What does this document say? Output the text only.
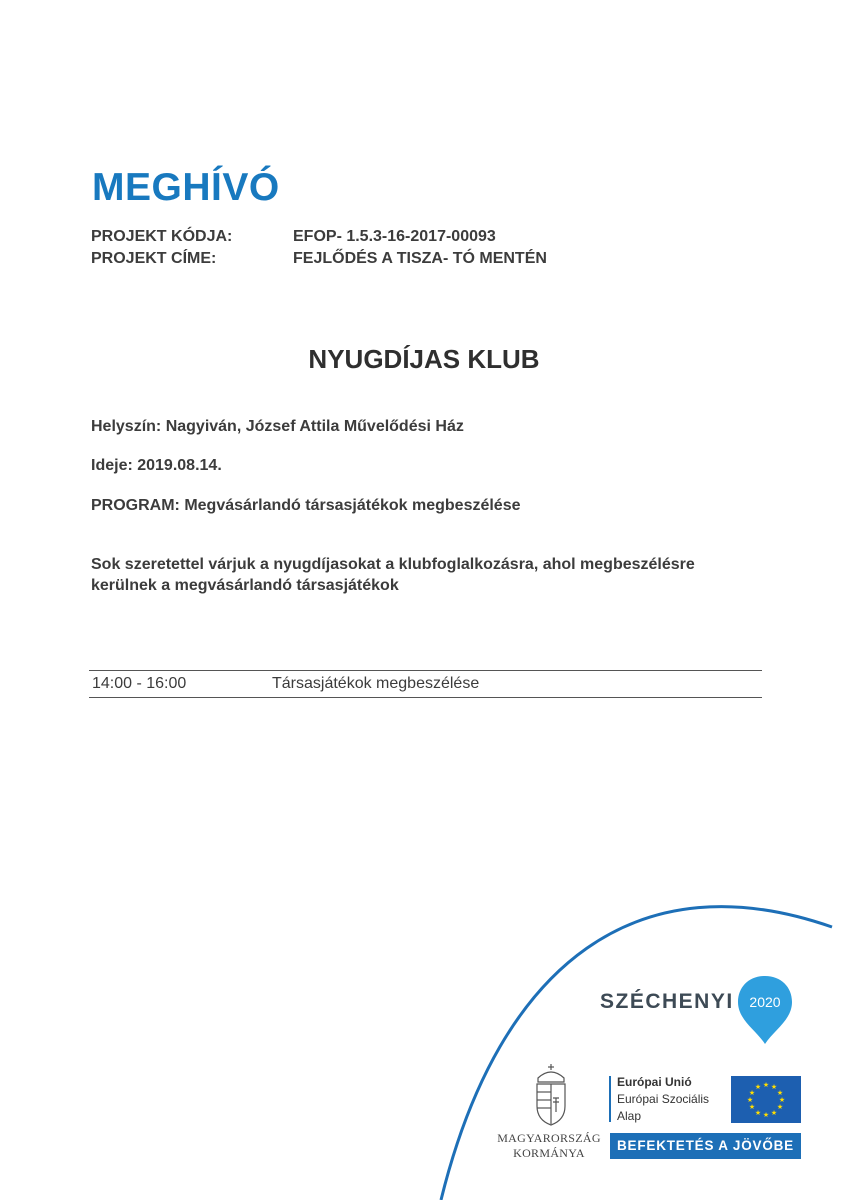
MEGHÍVÓ
PROJEKT KÓDJA:	EFOP- 1.5.3-16-2017-00093
PROJEKT CÍME:	FEJLŐDÉS A TISZA- TÓ MENTÉN
NYUGDÍJAS KLUB
Helyszín: Nagyiván, József Attila Művelődési Ház
Ideje: 2019.08.14.
PROGRAM: Megvásárlandó társasjátékok megbeszélése
Sok szeretettel várjuk a nyugdíjasokat a klubfoglalkozásra, ahol megbeszélésre
kerülnek a megvásárlandó társasjátékok
14:00 - 16:00	Társasjátékok megbeszélése
SZÉCHENYI 2020
MAGYARORSZÁG
KORMÁNYA
Európai Unió
Európai Szociális
Alap
★ ★
★
★
★
★
★
★
★
★
★
★
BEFEKTETÉS A JÖVŐBE
